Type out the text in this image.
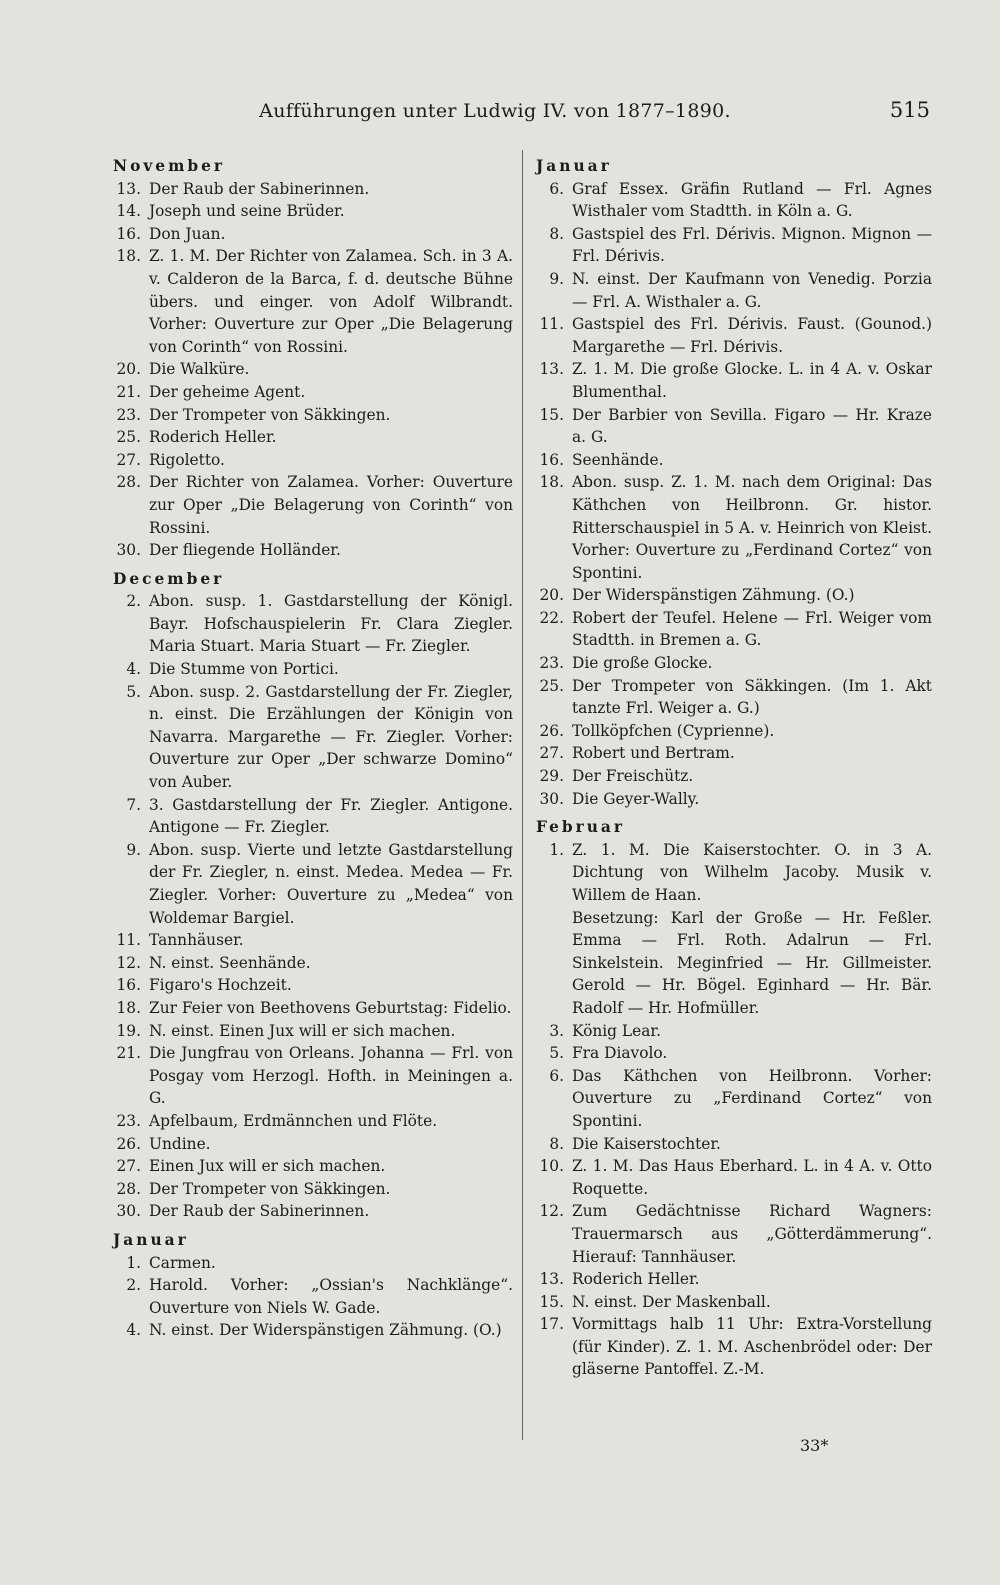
Aufführungen unter Ludwig IV. von 1877–1890.	515
November
13. Der Raub der Sabinerinnen.
14. Joseph und seine Brüder.
16. Don Juan.
18. Z. 1. M. Der Richter von Zalamea. Sch. in 3 A. v. Calderon de la Barca, f. d. deutsche Bühne übers. und einger. von Adolf Wilbrandt. Vorher: Ouverture zur Oper „Die Belagerung von Corinth“ von Rossini.
20. Die Walküre.
21. Der geheime Agent.
23. Der Trompeter von Säkkingen.
25. Roderich Heller.
27. Rigoletto.
28. Der Richter von Zalamea. Vorher: Ouverture zur Oper „Die Belagerung von Corinth“ von Rossini.
30. Der fliegende Holländer.
December
2. Abon. susp. 1. Gastdarstellung der Königl. Bayr. Hofschauspielerin Fr. Clara Ziegler. Maria Stuart. Maria Stuart — Fr. Ziegler.
4. Die Stumme von Portici.
5. Abon. susp. 2. Gastdarstellung der Fr. Ziegler, n. einst. Die Erzählungen der Königin von Navarra. Margarethe — Fr. Ziegler. Vorher: Ouverture zur Oper „Der schwarze Domino“ von Auber.
7. 3. Gastdarstellung der Fr. Ziegler. Antigone. Antigone — Fr. Ziegler.
9. Abon. susp. Vierte und letzte Gastdarstellung der Fr. Ziegler, n. einst. Medea. Medea — Fr. Ziegler. Vorher: Ouverture zu „Medea“ von Woldemar Bargiel.
11. Tannhäuser.
12. N. einst. Seenhände.
16. Figaro's Hochzeit.
18. Zur Feier von Beethovens Geburtstag: Fidelio.
19. N. einst. Einen Jux will er sich machen.
21. Die Jungfrau von Orleans. Johanna — Frl. von Posgay vom Herzogl. Hofth. in Meiningen a. G.
23. Apfelbaum, Erdmännchen und Flöte.
26. Undine.
27. Einen Jux will er sich machen.
28. Der Trompeter von Säkkingen.
30. Der Raub der Sabinerinnen.
Januar
1. Carmen.
2. Harold. Vorher: „Ossian's Nachklänge“. Ouverture von Niels W. Gade.
4. N. einst. Der Widerspänstigen Zähmung. (O.)
Januar
6. Graf Essex. Gräfin Rutland — Frl. Agnes Wisthaler vom Stadtth. in Köln a. G.
8. Gastspiel des Frl. Dérivis. Mignon. Mignon — Frl. Dérivis.
9. N. einst. Der Kaufmann von Venedig. Porzia — Frl. A. Wisthaler a. G.
11. Gastspiel des Frl. Dérivis. Faust. (Gounod.) Margarethe — Frl. Dérivis.
13. Z. 1. M. Die große Glocke. L. in 4 A. v. Oskar Blumenthal.
15. Der Barbier von Sevilla. Figaro — Hr. Kraze a. G.
16. Seenhände.
18. Abon. susp. Z. 1. M. nach dem Original: Das Käthchen von Heilbronn. Gr. histor. Ritterschauspiel in 5 A. v. Heinrich von Kleist. Vorher: Ouverture zu „Ferdinand Cortez“ von Spontini.
20. Der Widerspänstigen Zähmung. (O.)
22. Robert der Teufel. Helene — Frl. Weiger vom Stadtth. in Bremen a. G.
23. Die große Glocke.
25. Der Trompeter von Säkkingen. (Im 1. Akt tanzte Frl. Weiger a. G.)
26. Tollköpfchen (Cyprienne).
27. Robert und Bertram.
29. Der Freischütz.
30. Die Geyer-Wally.
Februar
1. Z. 1. M. Die Kaiserstochter. O. in 3 A. Dichtung von Wilhelm Jacoby. Musik v. Willem de Haan.
Besetzung: Karl der Große — Hr. Feßler. Emma — Frl. Roth. Adalrun — Frl. Sinkelstein. Meginfried — Hr. Gillmeister. Gerold — Hr. Bögel. Eginhard — Hr. Bär. Radolf — Hr. Hofmüller.
3. König Lear.
5. Fra Diavolo.
6. Das Käthchen von Heilbronn. Vorher: Ouverture zu „Ferdinand Cortez“ von Spontini.
8. Die Kaiserstochter.
10. Z. 1. M. Das Haus Eberhard. L. in 4 A. v. Otto Roquette.
12. Zum Gedächtnisse Richard Wagners: Trauermarsch aus „Götterdämmerung“. Hierauf: Tannhäuser.
13. Roderich Heller.
15. N. einst. Der Maskenball.
17. Vormittags halb 11 Uhr: Extra-Vorstellung (für Kinder). Z. 1. M. Aschenbrödel oder: Der gläserne Pantoffel. Z.-M.
33*
